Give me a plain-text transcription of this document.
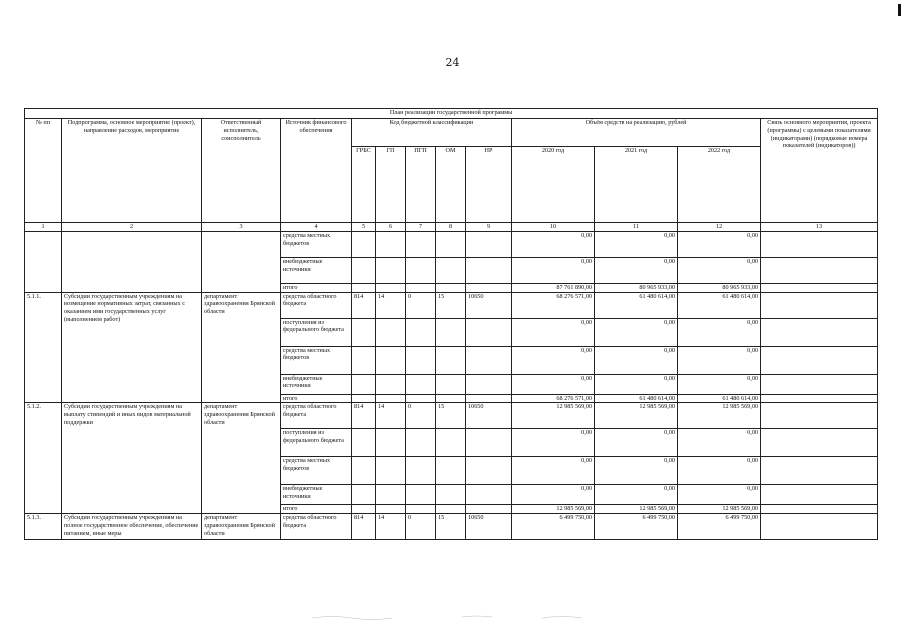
24
План реализации государственной программы												
№ пп	Подпрограмма, основное мероприятие (проект), направление расходов, мероприятие	Ответственный исполнитель, соисполнитель	Источник финансового обеспечения	Код бюджетной классификации					Объём средств на реализацию, рублей			Связь основного мероприятия, проекта (программы) с целевыми показателями (индикаторами) (порядковые номера показателей (индикаторов))
				ГРБС	ГП	ПГП	ОМ	НР	2020 год	2021 год	2022 год	
1	2	3	4	5	6	7	8	9	10	11	12	13
			средства местных бюджетов						0,00	0,00	0,00	
			внебюджетные источники						0,00	0,00	0,00	
			итого						87 761 890,00	80 965 933,00	80 965 933,00	
5.1.1.	Субсидии государственным учреждениям на возмещение нормативных затрат, связанных с оказанием ими государственных услуг (выполнением работ)	департамент здравоохранения Брянской области	средства областного бюджета	814	14	0	15	10650	68 276 571,00	61 480 614,00	61 480 614,00	
			поступления из федерального бюджета						0,00	0,00	0,00	
			средства местных бюджетов						0,00	0,00	0,00	
			внебюджетные источники						0,00	0,00	0,00	
			итого						68 276 571,00	61 480 614,00	61 480 614,00	
5.1.2.	Субсидии государственным учреждениям на выплату стипендий и иных видов материальной поддержки	департамент здравоохранения Брянской области	средства областного бюджета	814	14	0	15	10650	12 985 569,00	12 985 569,00	12 985 569,00	
			поступления из федерального бюджета						0,00	0,00	0,00	
			средства местных бюджетов						0,00	0,00	0,00	
			внебюджетные источники						0,00	0,00	0,00	
			итого						12 985 569,00	12 985 569,00	12 985 569,00	
5.1.3.	Субсидии государственным учреждениям на полное государственное обеспечение, обеспечение питанием, иные меры	департамент здравоохранения Брянской области	средства областного бюджета	814	14	0	15	10650	6 499 750,00	6 499 750,00	6 499 750,00	
